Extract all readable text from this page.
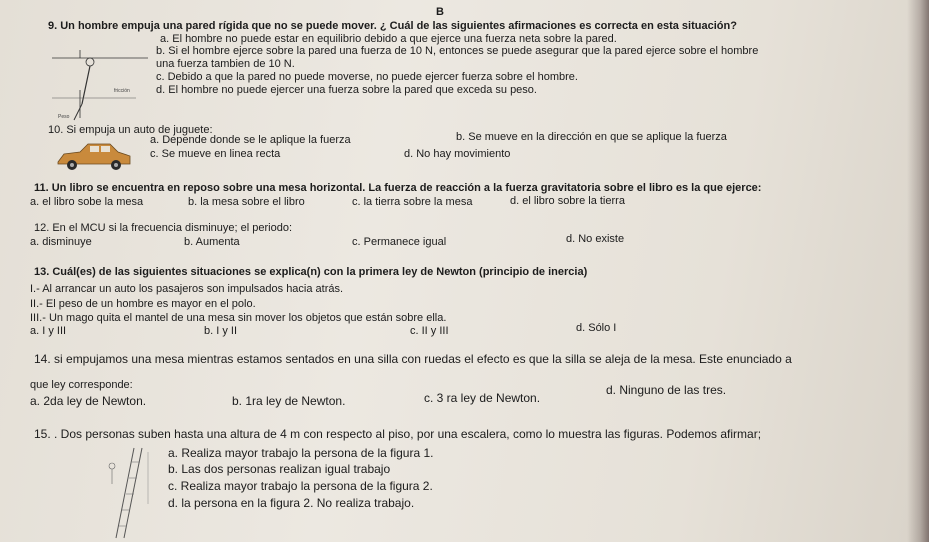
B
9. Un hombre empuja una pared rígida que no se puede mover. ¿ Cuál de las siguientes afirmaciones es correcta en esta situación?
a. El hombre no puede estar en equilibrio debido a que ejerce una fuerza neta sobre la pared.
b. Si el hombre ejerce sobre la pared una fuerza de 10 N, entonces se puede asegurar que la pared ejerce sobre el hombre
una fuerza tambien de 10 N.
c. Debido a que la pared no puede moverse, no puede ejercer fuerza sobre el hombre.
d. El hombre no puede ejercer una fuerza sobre la pared que exceda su peso.
fricción
Peso
10. Si empuja un auto de juguete:
a. Depende donde se le aplique la fuerza	b. Se mueve en la dirección en que se aplique la fuerza
c. Se mueve en linea recta	d. No hay movimiento
11. Un libro se encuentra en reposo sobre una mesa horizontal. La fuerza de reacción a la fuerza gravitatoria sobre el libro es la que ejerce:
a. el libro sobe la mesa	b. la mesa sobre el libro	c. la tierra sobre la mesa	d. el libro sobre la tierra
12. En el MCU si la frecuencia disminuye; el periodo:
a. disminuye	b. Aumenta	c. Permanece igual	d. No existe
13. Cuál(es) de las siguientes situaciones se explica(n) con la primera ley de Newton (principio de inercia)
I.- Al arrancar un auto los pasajeros son impulsados hacia atrás.
II.- El peso de un hombre es mayor en el polo.
III.- Un mago quita el mantel de una mesa sin mover los objetos que están sobre ella.
a. I y III	b. I y II	c. II y III	d. Sólo I
14. si empujamos una mesa mientras estamos sentados en una silla con ruedas el efecto es que la silla se aleja de la mesa. Este enunciado a
que ley corresponde:
a. 2da ley de Newton.	b. 1ra ley de Newton.	c. 3 ra ley de Newton.
d. Ninguno de las tres.
15. . Dos personas suben hasta una altura de 4 m con respecto al piso, por una escalera, como lo muestra las figuras. Podemos afirmar;
a. Realiza mayor trabajo la persona de la figura 1.
b. Las dos personas realizan igual trabajo
c. Realiza mayor trabajo la persona de la figura 2.
d. la persona en la figura 2. No realiza trabajo.
